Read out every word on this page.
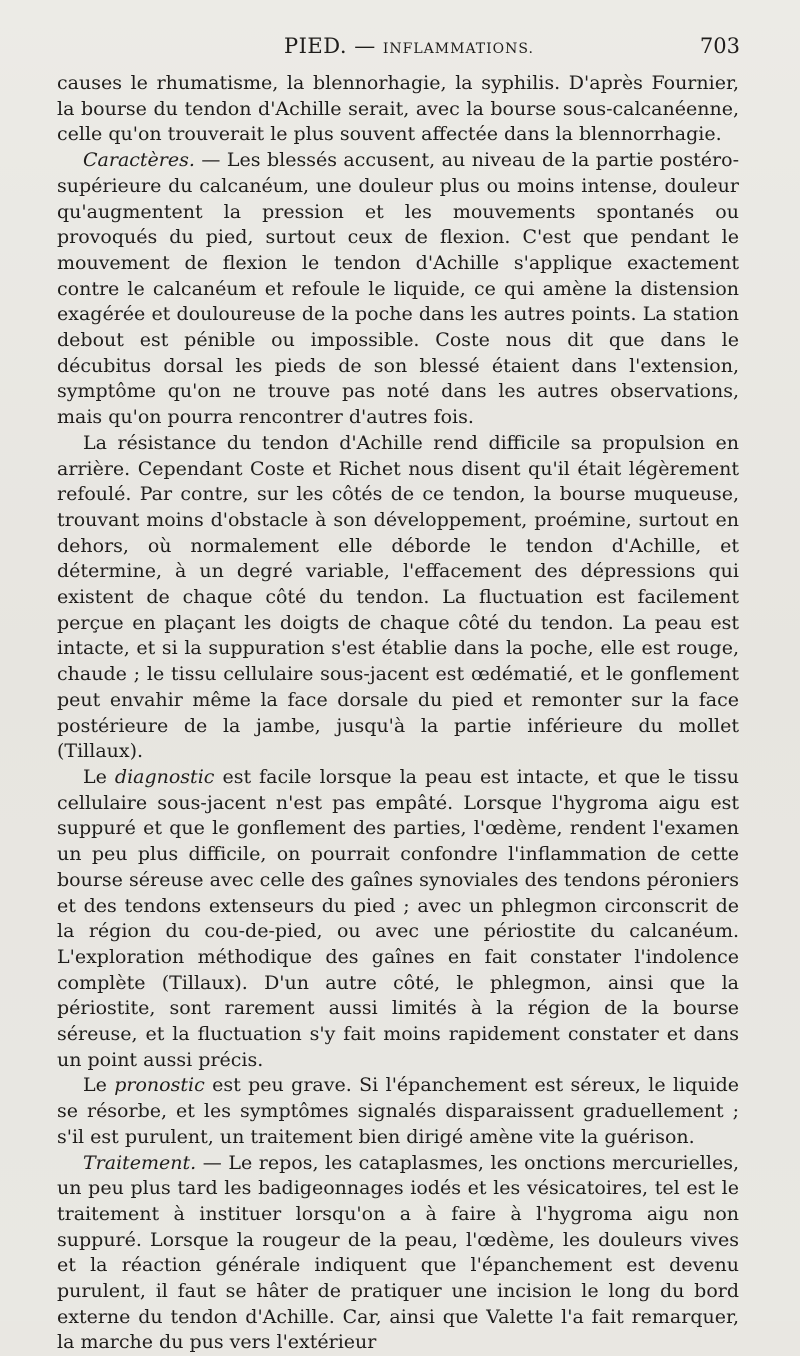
PIED. — INFLAMMATIONS.	703

causes le rhumatisme, la blennorhagie, la syphilis. D'après Fournier, la bourse du tendon d'Achille serait, avec la bourse sous-calcanéenne, celle qu'on trouverait le plus souvent affectée dans la blennorrhagie.

Caractères. — Les blessés accusent, au niveau de la partie postéro-supérieure du calcanéum, une douleur plus ou moins intense, douleur qu'augmentent la pression et les mouvements spontanés ou provoqués du pied, surtout ceux de flexion. C'est que pendant le mouvement de flexion le tendon d'Achille s'applique exactement contre le calcanéum et refoule le liquide, ce qui amène la distension exagérée et douloureuse de la poche dans les autres points. La station debout est pénible ou impossible. Coste nous dit que dans le décubitus dorsal les pieds de son blessé étaient dans l'extension, symptôme qu'on ne trouve pas noté dans les autres observations, mais qu'on pourra rencontrer d'autres fois.

La résistance du tendon d'Achille rend difficile sa propulsion en arrière. Cependant Coste et Richet nous disent qu'il était légèrement refoulé. Par contre, sur les côtés de ce tendon, la bourse muqueuse, trouvant moins d'obstacle à son développement, proémine, surtout en dehors, où normalement elle déborde le tendon d'Achille, et détermine, à un degré variable, l'effacement des dépressions qui existent de chaque côté du tendon. La fluctuation est facilement perçue en plaçant les doigts de chaque côté du tendon. La peau est intacte, et si la suppuration s'est établie dans la poche, elle est rouge, chaude ; le tissu cellulaire sous-jacent est œdématié, et le gonflement peut envahir même la face dorsale du pied et remonter sur la face postérieure de la jambe, jusqu'à la partie inférieure du mollet (Tillaux).

Le diagnostic est facile lorsque la peau est intacte, et que le tissu cellulaire sous-jacent n'est pas empâté. Lorsque l'hygroma aigu est suppuré et que le gonflement des parties, l'œdème, rendent l'examen un peu plus difficile, on pourrait confondre l'inflammation de cette bourse séreuse avec celle des gaînes synoviales des tendons péroniers et des tendons extenseurs du pied ; avec un phlegmon circonscrit de la région du cou-de-pied, ou avec une périostite du calcanéum. L'exploration méthodique des gaînes en fait constater l'indolence complète (Tillaux). D'un autre côté, le phlegmon, ainsi que la périostite, sont rarement aussi limités à la région de la bourse séreuse, et la fluctuation s'y fait moins rapidement constater et dans un point aussi précis.

Le pronostic est peu grave. Si l'épanchement est séreux, le liquide se résorbe, et les symptômes signalés disparaissent graduellement ; s'il est purulent, un traitement bien dirigé amène vite la guérison.

Traitement. — Le repos, les cataplasmes, les onctions mercurielles, un peu plus tard les badigeonnages iodés et les vésicatoires, tel est le traitement à instituer lorsqu'on a à faire à l'hygroma aigu non suppuré. Lorsque la rougeur de la peau, l'œdème, les douleurs vives et la réaction générale indiquent que l'épanchement est devenu purulent, il faut se hâter de pratiquer une incision le long du bord externe du tendon d'Achille. Car, ainsi que Valette l'a fait remarquer, la marche du pus vers l'extérieur
